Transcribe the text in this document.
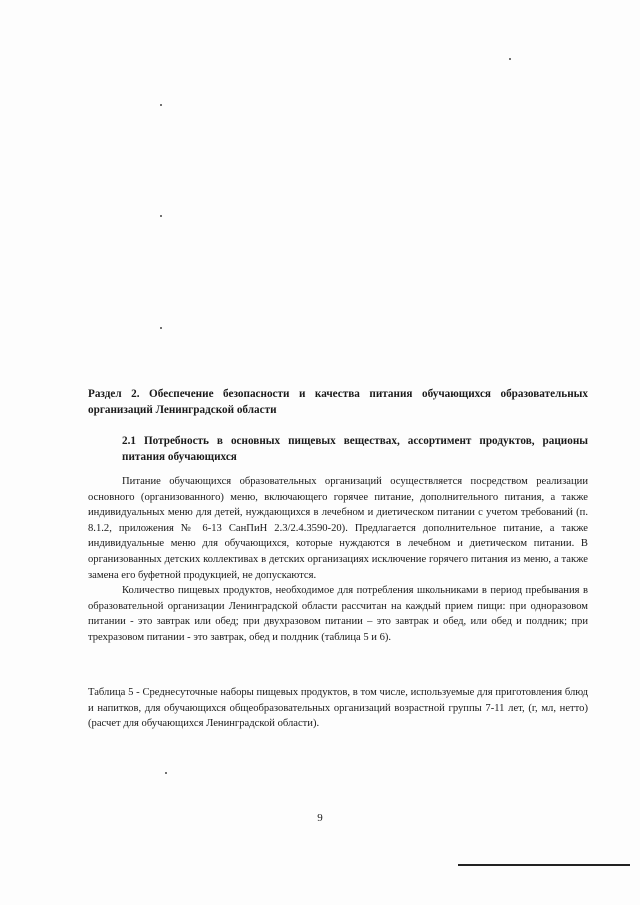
Раздел 2. Обеспечение безопасности и качества питания обучающихся образовательных организаций Ленинградской области
2.1 Потребность в основных пищевых веществах, ассортимент продуктов, рационы питания обучающихся

Питание обучающихся образовательных организаций осуществляется посредством реализации основного (организованного) меню, включающего горячее питание, дополнительного питания, а также индивидуальных меню для детей, нуждающихся в лечебном и диетическом питании с учетом требований (п. 8.1.2, приложения № 6-13 СанПиН 2.3/2.4.3590-20). Предлагается дополнительное питание, а также индивидуальные меню для обучающихся, которые нуждаются в лечебном и диетическом питании. В организованных детских коллективах в детских организациях исключение горячего питания из меню, а также замена его буфетной продукцией, не допускаются.

Количество пищевых продуктов, необходимое для потребления школьниками в период пребывания в образовательной организации Ленинградской области рассчитан на каждый прием пищи: при одноразовом питании - это завтрак или обед; при двухразовом питании – это завтрак и обед, или обед и полдник; при трехразовом питании - это завтрак, обед и полдник (таблица 5 и 6).

Таблица 5 - Среднесуточные наборы пищевых продуктов, в том числе, используемые для приготовления блюд и напитков, для обучающихся общеобразовательных организаций возрастной группы 7-11 лет, (г, мл, нетто) (расчет для обучающихся Ленинградской области).

9
